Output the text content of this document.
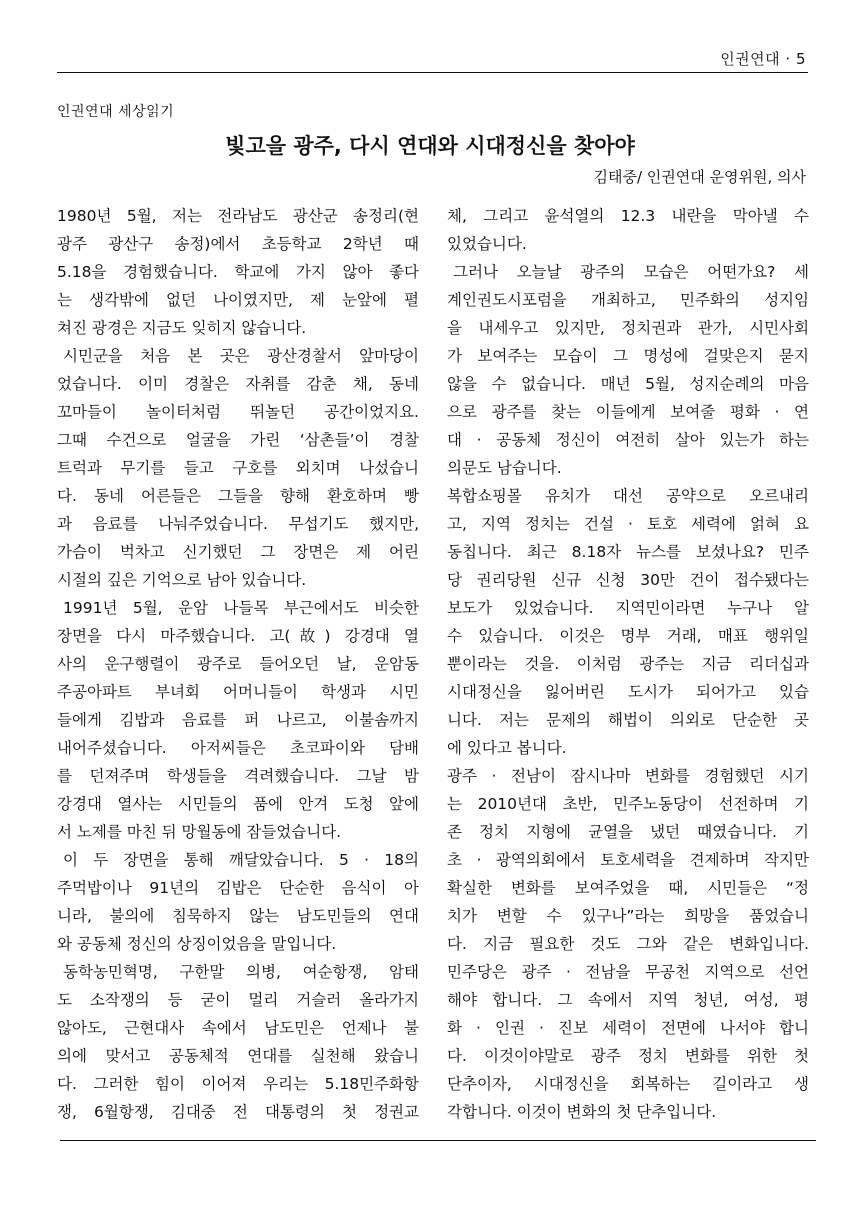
인권연대 · 5
인권연대 세상읽기
빛고을 광주, 다시 연대와 시대정신을 찾아야
김태중/ 인권연대 운영위원, 의사
1980년 5월, 저는 전라남도 광산군 송정리(현
광주 광산구 송정)에서 초등학교 2학년 때
5.18을 경험했습니다. 학교에 가지 않아 좋다
는 생각밖에 없던 나이였지만, 제 눈앞에 펼
쳐진 광경은 지금도 잊히지 않습니다.
시민군을 처음 본 곳은 광산경찰서 앞마당이
었습니다. 이미 경찰은 자취를 감춘 채, 동네
꼬마들이 놀이터처럼 뛰놀던 공간이었지요.
그때 수건으로 얼굴을 가린 ‘삼촌들’이 경찰
트럭과 무기를 들고 구호를 외치며 나섰습니
다. 동네 어른들은 그들을 향해 환호하며 빵
과 음료를 나눠주었습니다. 무섭기도 했지만,
가슴이 벅차고 신기했던 그 장면은 제 어린
시절의 깊은 기억으로 남아 있습니다.
1991년 5월, 운암 나들목 부근에서도 비슷한
장면을 다시 마주했습니다. 고(故) 강경대 열
사의 운구행렬이 광주로 들어오던 날, 운암동
주공아파트 부녀회 어머니들이 학생과 시민
들에게 김밥과 음료를 퍼 나르고, 이불솜까지
내어주셨습니다. 아저씨들은 초코파이와 담배
를 던져주며 학생들을 격려했습니다. 그날 밤
강경대 열사는 시민들의 품에 안겨 도청 앞에
서 노제를 마친 뒤 망월동에 잠들었습니다.
이 두 장면을 통해 깨달았습니다. 5 · 18의
주먹밥이나 91년의 김밥은 단순한 음식이 아
니라, 불의에 침묵하지 않는 남도민들의 연대
와 공동체 정신의 상징이었음을 말입니다.
동학농민혁명, 구한말 의병, 여순항쟁, 암태
도 소작쟁의 등 굳이 멀리 거슬러 올라가지
않아도, 근현대사 속에서 남도민은 언제나 불
의에 맞서고 공동체적 연대를 실천해 왔습니
다. 그러한 힘이 이어져 우리는 5.18민주화항
쟁, 6월항쟁, 김대중 전 대통령의 첫 정권교
체, 그리고 윤석열의 12.3 내란을 막아낼 수
있었습니다.
그러나 오늘날 광주의 모습은 어떤가요? 세
계인권도시포럼을 개최하고, 민주화의 성지임
을 내세우고 있지만, 정치권과 관가, 시민사회
가 보여주는 모습이 그 명성에 걸맞은지 묻지
않을 수 없습니다. 매년 5월, 성지순례의 마음
으로 광주를 찾는 이들에게 보여줄 평화 · 연
대 · 공동체 정신이 여전히 살아 있는가 하는
의문도 남습니다.
복합쇼핑몰 유치가 대선 공약으로 오르내리
고, 지역 정치는 건설 · 토호 세력에 얽혀 요
동칩니다. 최근 8.18자 뉴스를 보셨나요? 민주
당 권리당원 신규 신청 30만 건이 접수됐다는
보도가 있었습니다. 지역민이라면 누구나 알
수 있습니다. 이것은 명부 거래, 매표 행위일
뿐이라는 것을. 이처럼 광주는 지금 리더십과
시대정신을 잃어버린 도시가 되어가고 있습
니다. 저는 문제의 해법이 의외로 단순한 곳
에 있다고 봅니다.
광주 · 전남이 잠시나마 변화를 경험했던 시기
는 2010년대 초반, 민주노동당이 선전하며 기
존 정치 지형에 균열을 냈던 때였습니다. 기
초 · 광역의회에서 토호세력을 견제하며 작지만
확실한 변화를 보여주었을 때, 시민들은 “정
치가 변할 수 있구나”라는 희망을 품었습니
다. 지금 필요한 것도 그와 같은 변화입니다.
민주당은 광주 · 전남을 무공천 지역으로 선언
해야 합니다. 그 속에서 지역 청년, 여성, 평
화 · 인권 · 진보 세력이 전면에 나서야 합니
다. 이것이야말로 광주 정치 변화를 위한 첫
단추이자, 시대정신을 회복하는 길이라고 생
각합니다. 이것이 변화의 첫 단추입니다.
